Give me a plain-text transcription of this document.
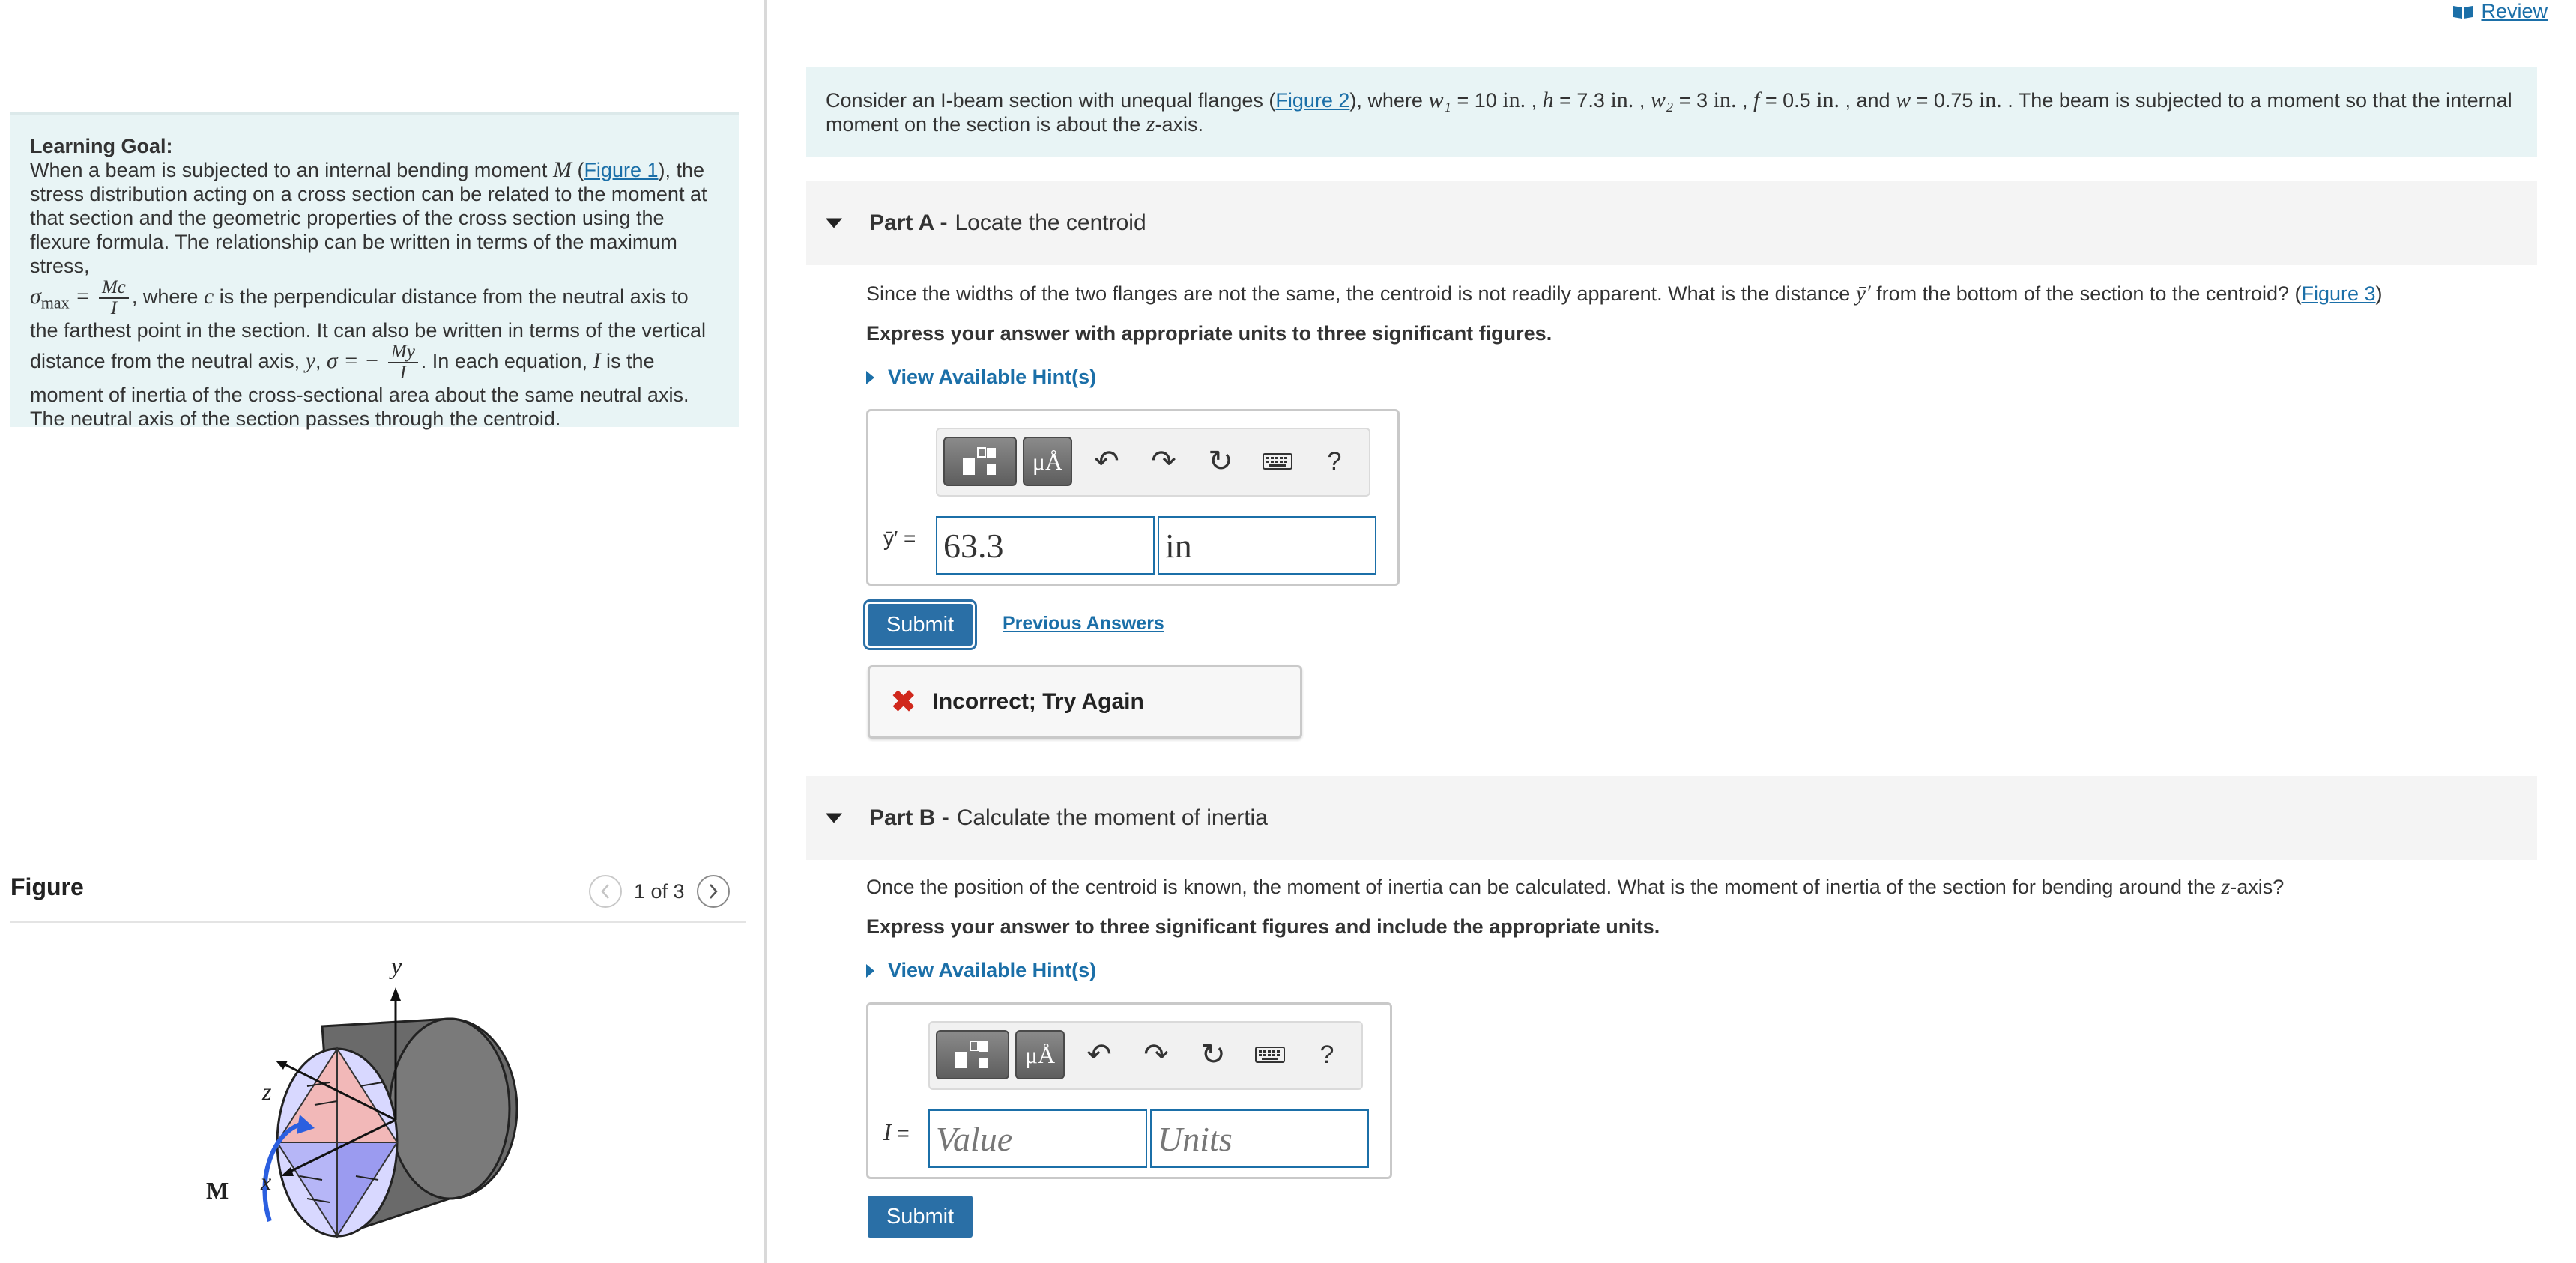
Learning Goal:
When a beam is subjected to an internal bending moment M (Figure 1), the stress distribution acting on a cross section can be related to the moment at that section and the geometric properties of the cross section using the flexure formula. The relationship can be written in terms of the maximum stress,
$\sigma_{max} = \frac{Mc}{I}$ , where c is the perpendicular distance from the neutral axis to the farthest point in the section. It can also be written in terms of the vertical distance from the neutral axis, y, σ = − $\frac{My}{I}$ . In each equation, I is the moment of inertia of the cross-sectional area about the same neutral axis. The neutral axis of the section passes through the centroid.
Figure	1 of 3
y
z
x
M
Review
Consider an I-beam section with unequal flanges (Figure 2), where w₁ = 10 in. , h = 7.3 in. , w₂ = 3 in. , f = 0.5 in. , and w = 0.75 in. . The beam is subjected to a moment so that the internal moment on the section is about the z-axis.
Part A - Locate the centroid
Since the widths of the two flanges are not the same, the centroid is not readily apparent. What is the distance ȳ′ from the bottom of the section to the centroid? (Figure 3)
Express your answer with appropriate units to three significant figures.
View Available Hint(s)
μÅ	↶	↷	↻	?
ȳ′ = 63.3	in
Submit	Previous Answers
✖ Incorrect; Try Again
Part B - Calculate the moment of inertia
Once the position of the centroid is known, the moment of inertia can be calculated. What is the moment of inertia of the section for bending around the z-axis?
Express your answer to three significant figures and include the appropriate units.
View Available Hint(s)
μÅ	↶	↷	↻	?
I = Value	Units
Submit
